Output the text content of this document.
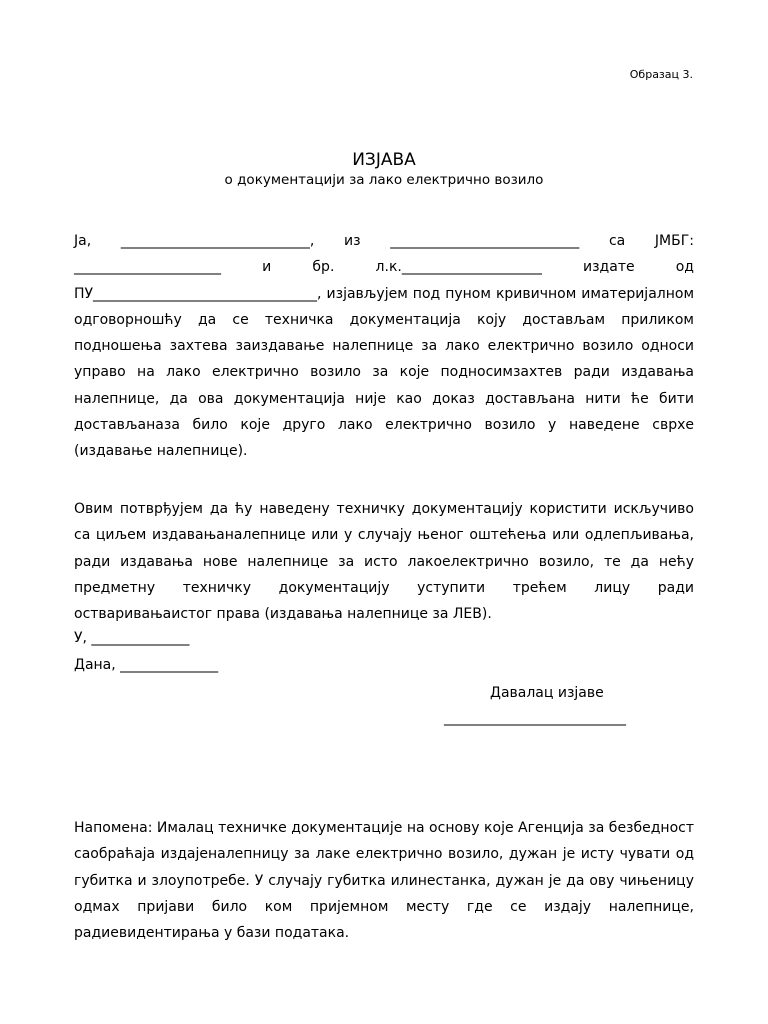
Образац 3.
ИЗЈАВА
о документацији за лако електрично возило
Ја, ___________________________, из ___________________________ са ЈМБГ: _____________________ и бр. л.к.____________________ издате од ПУ________________________________, изјављујем под пуном кривичном иматеријалном одговорношћу да се техничка документација коју достављам приликом подношења захтева заиздавање налепнице за лако електрично возило односи управо на лако електрично возило за које подносимзахтев ради издавања налепнице, да ова документација није као доказ достављана нити ће бити достављаназа било које друго лако електрично возило у наведене сврхе (издавање налепнице).
Овим потврђујем да ћу наведену техничку документацију користити искључиво са циљем издавањаналепнице или у случају њеног оштећења или одлепљивања, ради издавања нове налепнице за исто лакоелектрично возило, те да нећу предметну техничку документацију уступити трећем лицу ради остваривањаистог права (издавања налепнице за ЛЕВ).
У, ______________
Дана, ______________
Давалац изјаве
__________________________
Напомена: Ималац техничке документације на основу које Агенција за безбедност саобраћаја издајеналепницу за лаке електрично возило, дужан је исту чувати од губитка и злоупотребе. У случају губитка илинестанка, дужан је да ову чињеницу одмах пријави било ком пријемном месту где се издају налепнице, радиевидентирања у бази података.
